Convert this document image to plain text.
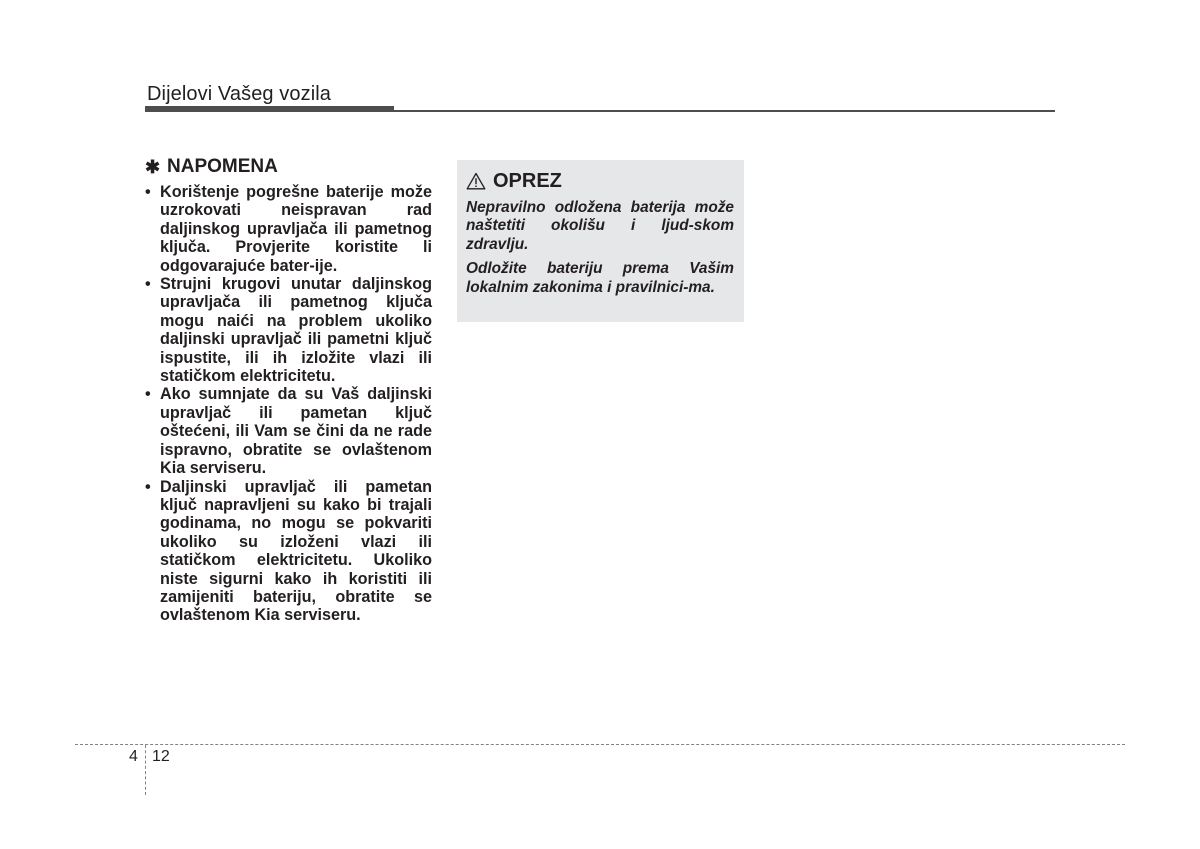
Dijelovi Vašeg vozila
✱ NAPOMENA
• Korištenje pogrešne baterije može uzrokovati neispravan rad daljinskog upravljača ili pametnog ključa. Provjerite koristite li odgovarajuće bater-ije.
• Strujni krugovi unutar daljinskog upravljača ili pametnog ključa mogu naići na problem ukoliko daljinski upravljač ili pametni ključ ispustite, ili ih izložite vlazi ili statičkom elektricitetu.
• Ako sumnjate da su Vaš daljinski upravljač ili pametan ključ oštećeni, ili Vam se čini da ne rade ispravno, obratite se ovlaštenom Kia serviseru.
• Daljinski upravljač ili pametan ključ napravljeni su kako bi trajali godinama, no mogu se pokvariti ukoliko su izloženi vlazi ili statičkom elektricitetu. Ukoliko niste sigurni kako ih koristiti ili zamijeniti bateriju, obratite se ovlaštenom Kia serviseru.
OPREZ

Nepravilno odložena baterija može naštetiti okolišu i ljud-skom zdravlju.

Odložite bateriju prema Vašim lokalnim zakonima i pravilnici-ma.

4 12
